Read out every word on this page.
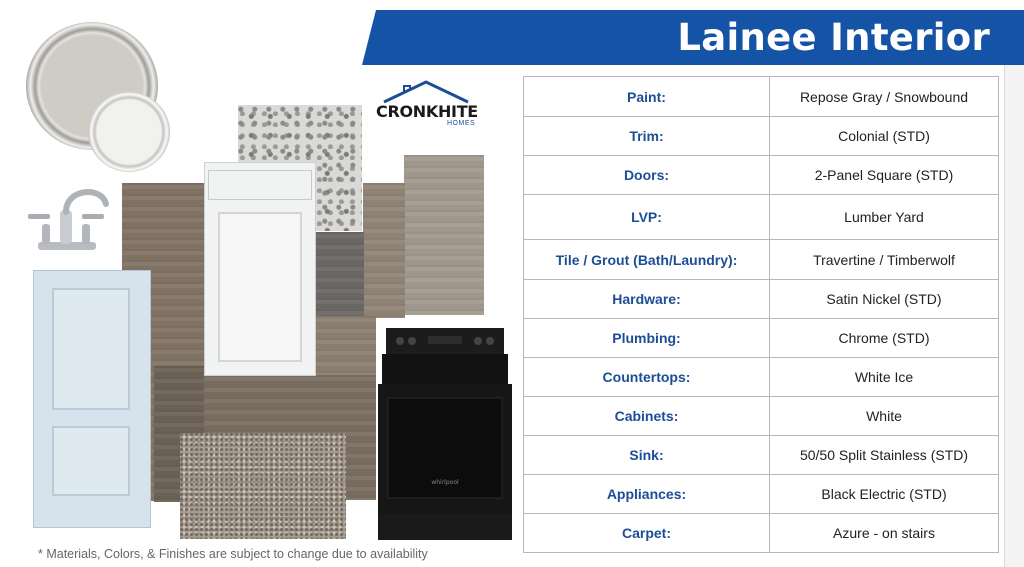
Lainee Interior
CRONKHITE
HOMES
whirlpool
Paint:	Repose Gray / Snowbound
Trim:	Colonial (STD)
Doors:	2-Panel Square (STD)
LVP:	Lumber Yard
Tile / Grout (Bath/Laundry):	Travertine / Timberwolf
Hardware:	Satin Nickel (STD)
Plumbing:	Chrome (STD)
Countertops:	White Ice
Cabinets:	White
Sink:	50/50 Split Stainless (STD)
Appliances:	Black Electric (STD)
Carpet:	Azure - on stairs
* Materials, Colors, & Finishes are subject to change due to availability
